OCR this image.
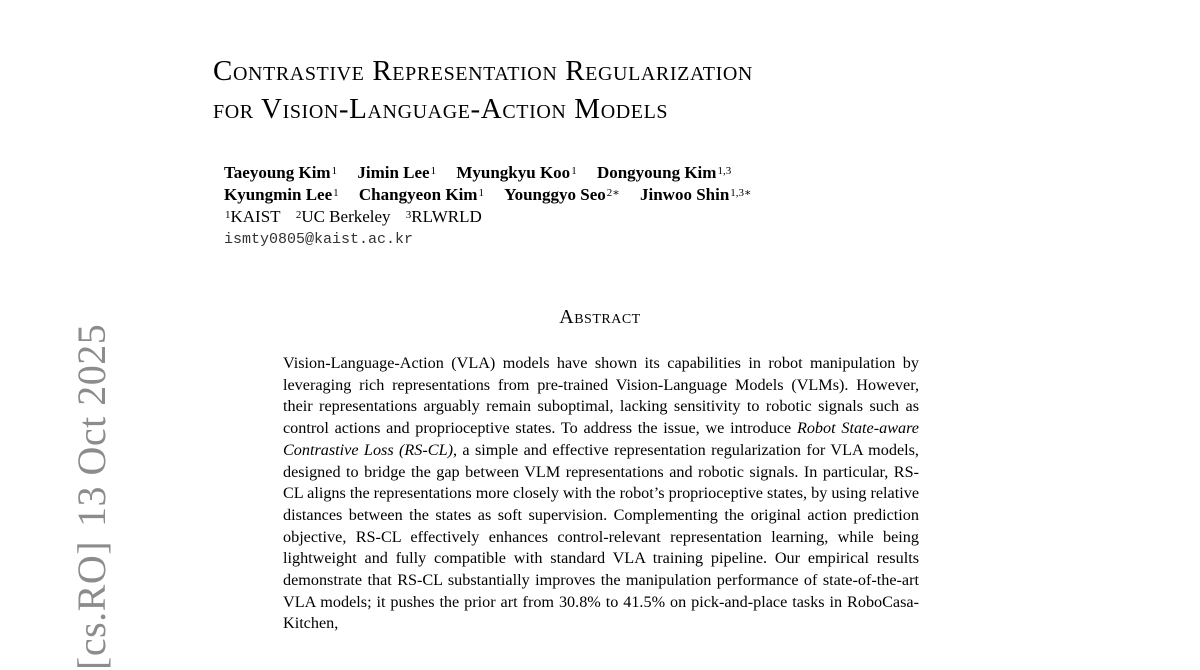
[cs.RO]13 Oct 2025
Contrastive Representation Regularization
for Vision-Language-Action Models
Taeyoung Kim$^1$ Jimin Lee$^1$ Myungkyu Koo$^1$ Dongyoung Kim$^{1,3}$
Kyungmin Lee$^1$ Changyeon Kim$^1$ Younggyo Seo$^{2∗}$ Jinwoo Shin$^{1,3∗}$
$^1$KAIST $^2$UC Berkeley $^3$RLWRLD
ismty0805@kaist.ac.kr
Abstract
Vision-Language-Action (VLA) models have shown its capabilities in robot manipulation by leveraging rich representations from pre-trained Vision-Language Models (VLMs). However, their representations arguably remain suboptimal, lacking sensitivity to robotic signals such as control actions and proprioceptive states. To address the issue, we introduce Robot State-aware Contrastive Loss (RS-CL), a simple and effective representation regularization for VLA models, designed to bridge the gap between VLM representations and robotic signals. In particular, RS-CL aligns the representations more closely with the robot’s proprioceptive states, by using relative distances between the states as soft supervision. Complementing the original action prediction objective, RS-CL effectively enhances control-relevant representation learning, while being lightweight and fully compatible with standard VLA training pipeline. Our empirical results demonstrate that RS-CL substantially improves the manipulation performance of state-of-the-art VLA models; it pushes the prior art from 30.8% to 41.5% on pick-and-place tasks in RoboCasa-Kitchen,
